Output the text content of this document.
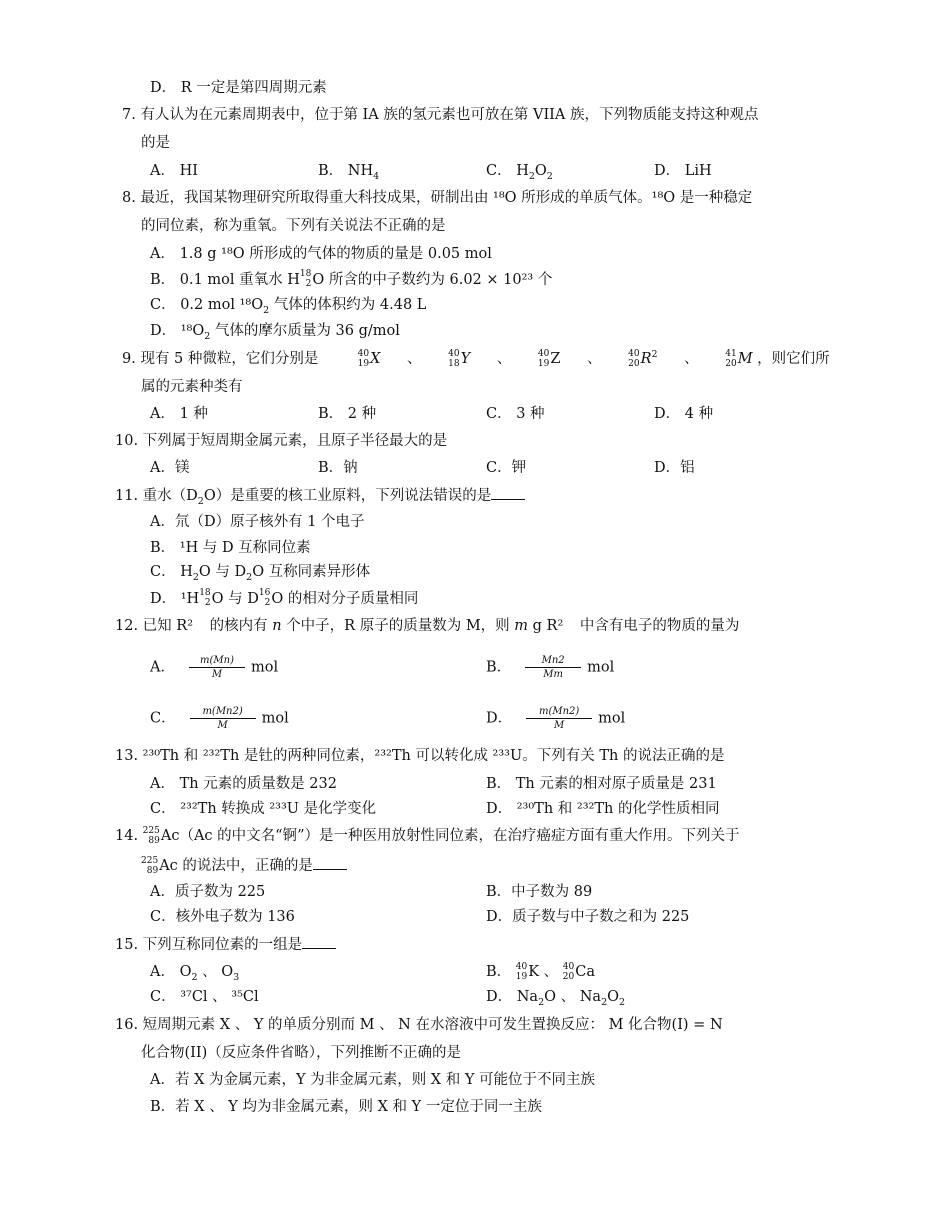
D． R 一定是第四周期元素
7. 有人认为在元素周期表中，位于第 IA 族的氢元素也可放在第 VIIA 族，下列物质能支持这种观点
的是
A． HI	B． $NH_4$	C． $H_2O_2$	D． LiH
8. 最近，我国某物理研究所取得重大科技成果，研制出由 ¹⁸O 所形成的单质气体。¹⁸O 是一种稳定
的同位素，称为重氧。下列有关说法不正确的是
A． 1.8 g ¹⁸O 所形成的气体的物质的量是 0.05 mol
B． 0.1 mol 重氧水 H 18
2 O 所含的中子数约为 6.02 × 10²³ 个
C． 0.2 mol $^{18}O_2$ 气体的体积约为 4.48 L
D． $^{18}O_2$ 气体的摩尔质量为 36 g/mol
9. 现有 5 种微粒，它们分别是	40
19 X 、	40
18 Y 、	40
19 Z 、	40
20 $R^2$ 、	41
20 M ，则它们所
属的元素种类有
A． 1 种	B． 2 种	C． 3 种	D． 4 种
10. 下列属于短周期金属元素，且原子半径最大的是
A．镁	B．钠	C．钾	D．铝
11. 重水$(D_2O)$是重要的核工业原料，下列说法错误的是
A．氘（D）原子核外有 1 个电子
B． ¹H 与 D 互称同位素
C． $H_2O$ 与 $D_2O$ 互称同素异形体
D． ¹H 18
2 O 与 D 16
2 O 的相对分子质量相同
12. 已知 R² 的核内有 n 个中子，R 原子的质量数为 M，则 m g R² 中含有电子的物质的量为
A． $\frac{m(Mn)}{M}$ mol	B． $\frac{Mn2}{Mm}$ mol
C． $\frac{m(Mn2)}{M}$ mol	D． $\frac{m(Mn2)}{M}$ mol
13. ²³⁰Th 和 ²³²Th 是钍的两种同位素，²³²Th 可以转化成 ²³³U。下列有关 Th 的说法正确的是
A． Th 元素的质量数是 232	B． Th 元素的相对原子质量是 231
C． ²³²Th 转换成 ²³³U 是化学变化	D． ²³⁰Th 和 ²³²Th 的化学性质相同
14. 225
89 Ac（Ac 的中文名“锕”）是一种医用放射性同位素，在治疗癌症方面有重大作用。下列关于
225
89 Ac 的说法中，正确的是
A．质子数为 225	B．中子数为 89
C．核外电子数为 136	D．质子数与中子数之和为 225
15. 下列互称同位素的一组是
A． $O_2$ 、 $O_3$	B． 40
19 K 、 40
20 Ca
C． ³⁷Cl 、 ³⁵Cl	D． $Na_2O$ 、 $Na_2O_2$
16. 短周期元素 X 、 Y 的单质分别而 M 、 N 在水溶液中可发生置换反应： M 化合物(I) = N
化合物(II)（反应条件省略），下列推断不正确的是
A．若 X 为金属元素，Y 为非金属元素，则 X 和 Y 可能位于不同主族
B．若 X 、 Y 均为非金属元素，则 X 和 Y 一定位于同一主族
